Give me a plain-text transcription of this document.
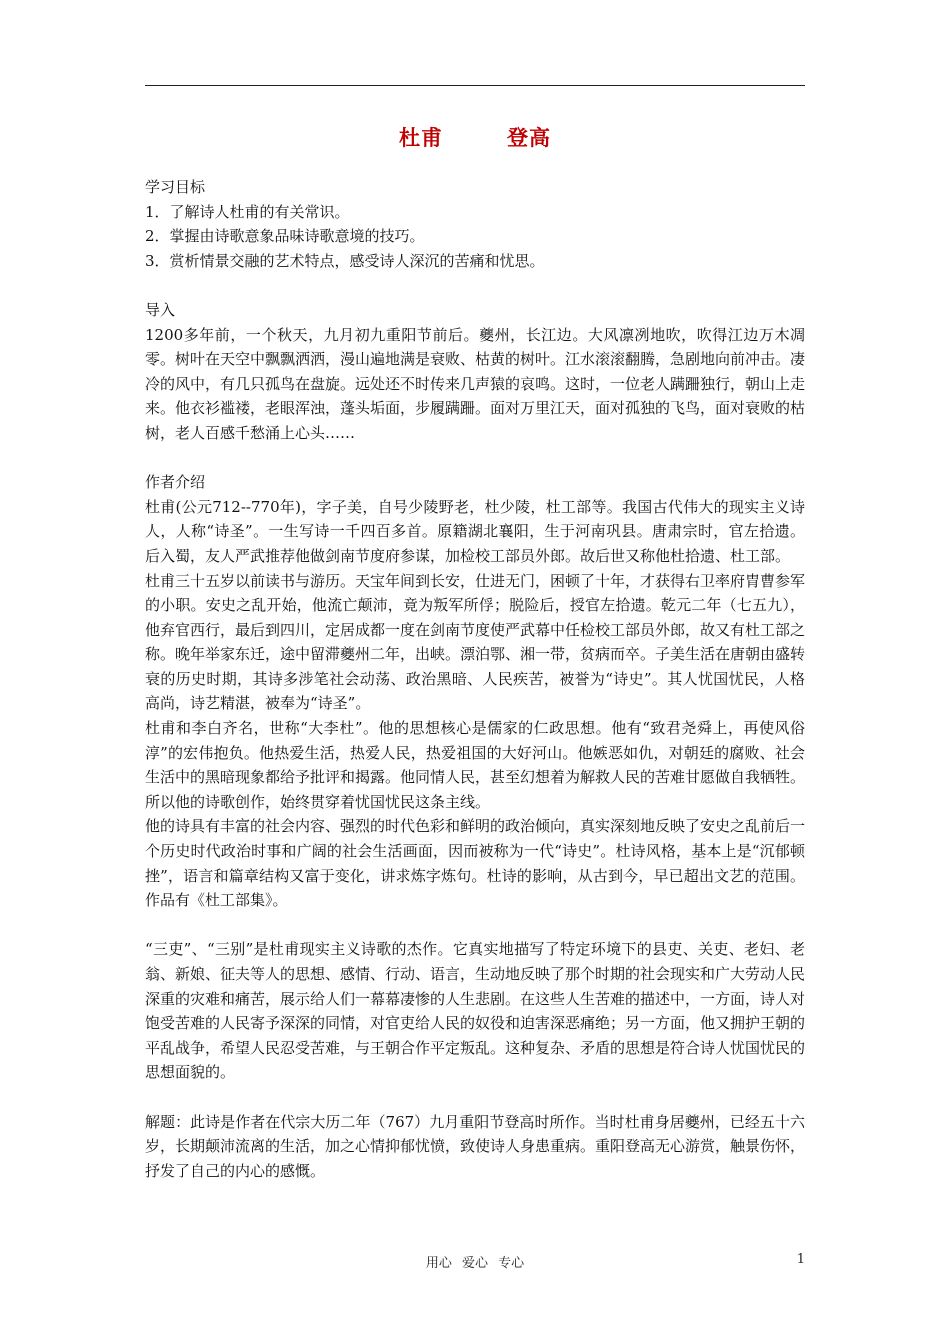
杜甫	登高

学习目标

1．了解诗人杜甫的有关常识。

2．掌握由诗歌意象品味诗歌意境的技巧。

3．赏析情景交融的艺术特点，感受诗人深沉的苦痛和忧思。

导入

1200多年前，一个秋天，九月初九重阳节前后。夔州，长江边。大风凛冽地吹，吹得江边万木凋零。树叶在天空中飘飘洒洒，漫山遍地满是衰败、枯黄的树叶。江水滚滚翻腾，急剧地向前冲击。凄冷的风中，有几只孤鸟在盘旋。远处还不时传来几声猿的哀鸣。这时，一位老人蹒跚独行，朝山上走来。他衣衫褴褛，老眼浑浊，蓬头垢面，步履蹒跚。面对万里江天，面对孤独的飞鸟，面对衰败的枯树，老人百感千愁涌上心头……

作者介绍

杜甫(公元712--770年)，字子美，自号少陵野老，杜少陵，杜工部等。我国古代伟大的现实主义诗人，人称“诗圣”。一生写诗一千四百多首。原籍湖北襄阳，生于河南巩县。唐肃宗时，官左拾遗。后入蜀，友人严武推荐他做剑南节度府参谋，加检校工部员外郎。故后世又称他杜拾遗、杜工部。

杜甫三十五岁以前读书与游历。天宝年间到长安，仕进无门，困顿了十年，才获得右卫率府胄曹参军的小职。安史之乱开始，他流亡颠沛，竟为叛军所俘；脱险后，授官左拾遗。乾元二年（七五九），他弃官西行，最后到四川，定居成都一度在剑南节度使严武幕中任检校工部员外郎，故又有杜工部之称。晚年举家东迁，途中留滞夔州二年，出峡。漂泊鄂、湘一带，贫病而卒。子美生活在唐朝由盛转衰的历史时期，其诗多涉笔社会动荡、政治黑暗、人民疾苦，被誉为“诗史”。其人忧国忧民，人格高尚，诗艺精湛，被奉为“诗圣”。

杜甫和李白齐名，世称“大李杜”。他的思想核心是儒家的仁政思想。他有“致君尧舜上，再使风俗淳”的宏伟抱负。他热爱生活，热爱人民，热爱祖国的大好河山。他嫉恶如仇，对朝廷的腐败、社会生活中的黑暗现象都给予批评和揭露。他同情人民，甚至幻想着为解救人民的苦难甘愿做自我牺牲。所以他的诗歌创作，始终贯穿着忧国忧民这条主线。

他的诗具有丰富的社会内容、强烈的时代色彩和鲜明的政治倾向，真实深刻地反映了安史之乱前后一个历史时代政治时事和广阔的社会生活画面，因而被称为一代“诗史”。杜诗风格，基本上是“沉郁顿挫”，语言和篇章结构又富于变化，讲求炼字炼句。杜诗的影响，从古到今，早已超出文艺的范围。作品有《杜工部集》。

“三吏”、“三别”是杜甫现实主义诗歌的杰作。它真实地描写了特定环境下的县吏、关吏、老妇、老翁、新娘、征夫等人的思想、感情、行动、语言，生动地反映了那个时期的社会现实和广大劳动人民深重的灾难和痛苦，展示给人们一幕幕凄惨的人生悲剧。在这些人生苦难的描述中，一方面，诗人对饱受苦难的人民寄予深深的同情，对官吏给人民的奴役和迫害深恶痛绝；另一方面，他又拥护王朝的平乱战争，希望人民忍受苦难，与王朝合作平定叛乱。这种复杂、矛盾的思想是符合诗人忧国忧民的思想面貌的。

解题：此诗是作者在代宗大历二年（767）九月重阳节登高时所作。当时杜甫身居夔州，已经五十六岁，长期颠沛流离的生活，加之心情抑郁忧愤，致使诗人身患重病。重阳登高无心游赏，触景伤怀，抒发了自己的内心的感慨。

用心 爱心 专心	1
